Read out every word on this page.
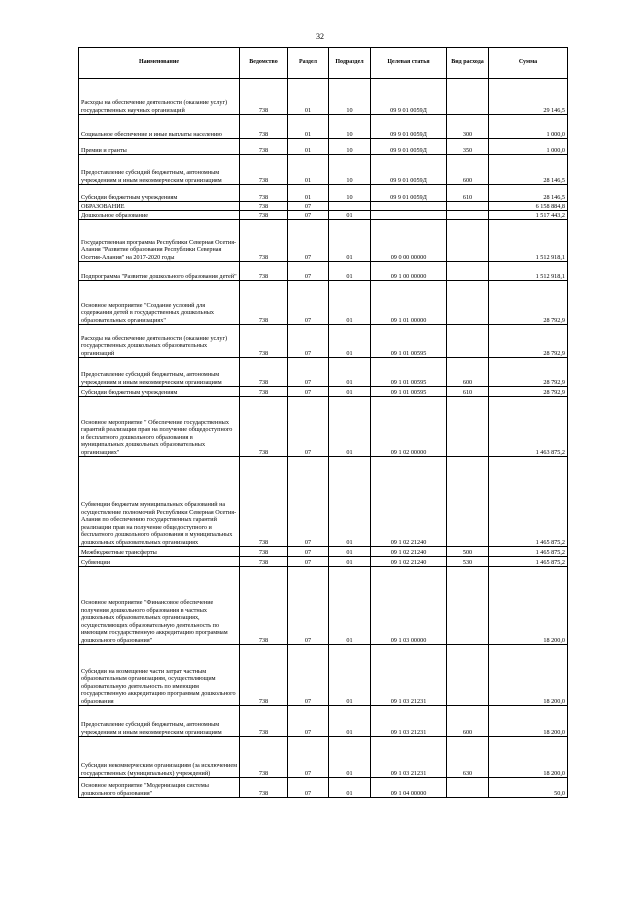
32
Наименование	Ведомство	Раздел	Подраздел	Целевая статья	Вид расхода	Сумма
Расходы на обеспечение деятельности (оказание услуг) государственных научных организаций	738	01	10	09 9 01 0059Д		29 146,5
Социальное обеспечение и иные выплаты населению	738	01	10	09 9 01 0059Д	300	1 000,0
Премии и гранты	738	01	10	09 9 01 0059Д	350	1 000,0
Предоставление субсидий бюджетным, автономным учреждениям и иным некоммерческим организациям	738	01	10	09 9 01 0059Д	600	28 146,5
Субсидии бюджетным учреждениям	738	01	10	09 9 01 0059Д	610	28 146,5
ОБРАЗОВАНИЕ	738	07				6 158 884,8
Дошкольное образование	738	07	01			1 517 443,2
Государственная программа Республики Северная Осетия-Алания "Развитие образования Республики Северная Осетия-Алания" на 2017-2020 годы	738	07	01	09 0 00 00000		1 512 918,1
Подпрограмма "Развитие дошкольного образования детей"	738	07	01	09 1 00 00000		1 512 918,1
Основное мероприятие "Создание условий для содержания детей в государственных дошкольных образовательных организациях"	738	07	01	09 1 01 00000		28 792,9
Расходы на обеспечение деятельности (оказание услуг) государственных дошкольных образовательных организаций	738	07	01	09 1 01 00595		28 792,9
Предоставление субсидий бюджетным, автономным учреждениям и иным некоммерческим организациям	738	07	01	09 1 01 00595	600	28 792,9
Субсидии бюджетным учреждениям	738	07	01	09 1 01 00595	610	28 792,9
Основное мероприятие " Обеспечение государственных гарантий реализации прав на получение общедоступного и бесплатного дошкольного образования в муниципальных дошкольных образовательных организациях"	738	07	01	09 1 02 00000		1 463 875,2
Субвенции бюджетам муниципальных образований на осуществление полномочий Республики Северная Осетия-Алания по обеспечению государственных гарантий реализации прав на получение общедоступного и бесплатного дошкольного образования в муниципальных дошкольных образовательных организациях	738	07	01	09 1 02 21240		1 465 875,2
Межбюджетные трансферты	738	07	01	09 1 02 21240	500	1 465 875,2
Субвенции	738	07	01	09 1 02 21240	530	1 465 875,2
Основное мероприятие "Финансовое обеспечение получения дошкольного образования в частных дошкольных образовательных организациях, осуществляющих образовательную деятельность по имеющим государственную аккредитацию программам дошкольного образования"	738	07	01	09 1 03 00000		18 200,0
Субсидии на возмещение части затрат частным образовательным организациям, осуществляющим образовательную деятельность по имеющим государственную аккредитацию программам дошкольного образования	738	07	01	09 1 03 21231		18 200,0
Предоставление субсидий бюджетным, автономным учреждениям и иным некоммерческим организациям	738	07	01	09 1 03 21231	600	18 200,0
Субсидии некоммерческим организациям (за исключением государственных (муниципальных) учреждений)	738	07	01	09 1 03 21231	630	18 200,0
Основное мероприятие "Модернизация системы дошкольного образования"	738	07	01	09 1 04 00000		50,0
